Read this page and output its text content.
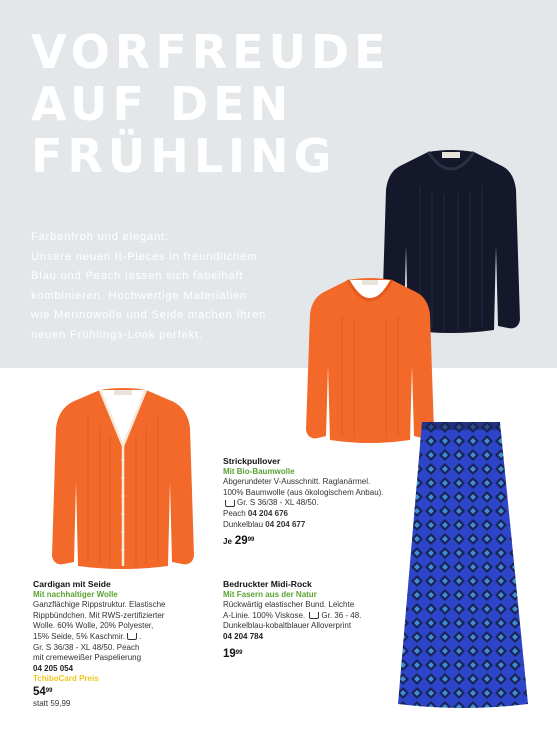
VORFREUDE
AUF DEN
FRÜHLING
Farbenfroh und elegant:
Unsere neuen It-Pieces in freundlichem
Blau und Peach lassen sich fabelhaft
kombinieren. Hochwertige Materialien
wie Merinowolle und Seide machen Ihren
neuen Frühlings-Look perfekt.
Strickpullover
Mit Bio-Baumwolle
Abgerundeter V-Ausschnitt. Raglanärmel.
100% Baumwolle (aus ökologischem Anbau).
Gr. S 36/38 - XL 48/50.
Peach 04 204 676
Dunkelblau 04 204 677
Je $29^{99}$
Cardigan mit Seide
Mit nachhaltiger Wolle
Ganzflächige Rippstruktur. Elastische
Rippbündchen. Mit RWS-zertifizierter
Wolle. 60% Wolle, 20% Polyester,
15% Seide, 5% Kaschmir. .
Gr. S 36/38 - XL 48/50. Peach
mit cremeweißer Paspelierung
04 205 054
TchiboCard Preis
$54^{99}$
statt 59,99
Bedruckter Midi-Rock
Mit Fasern aus der Natur
Rückwärtig elastischer Bund. Leichte
A-Linie. 100% Viskose. Gr. 36 - 48.
Dunkelblau-kobaltblauer Alloverprint
04 204 784
$19^{99}$
